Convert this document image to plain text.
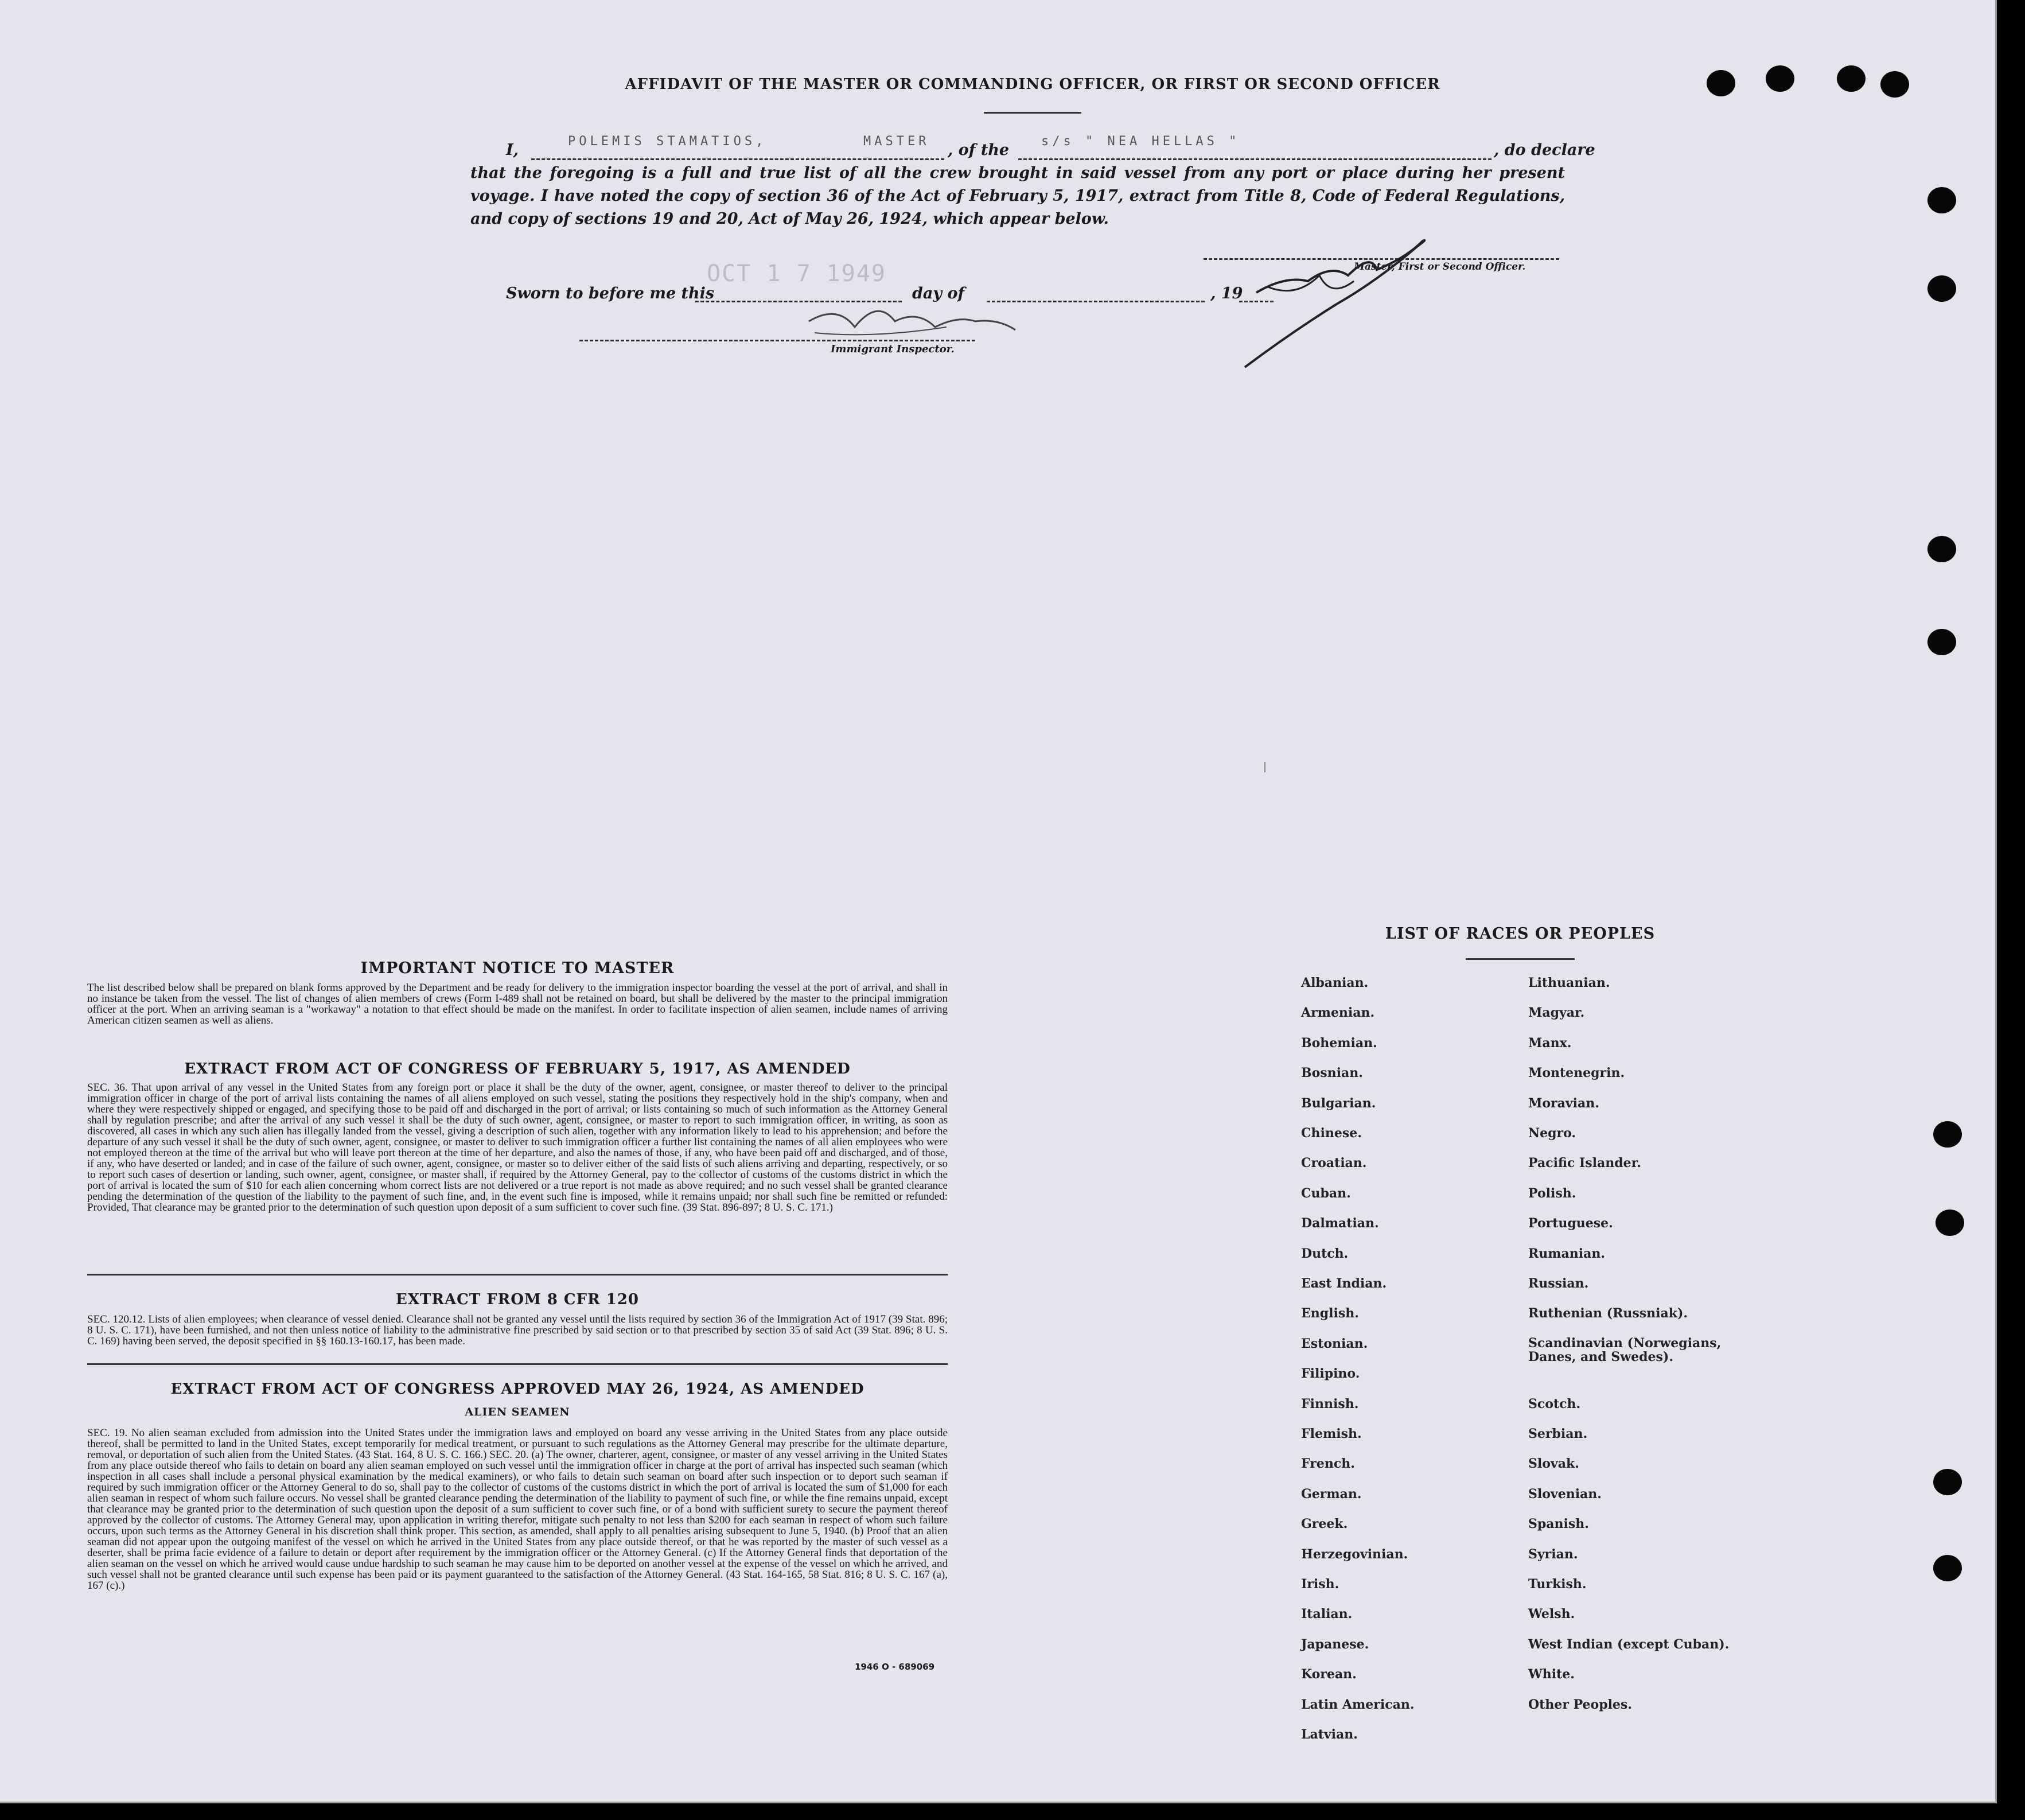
AFFIDAVIT OF THE MASTER OR COMMANDING OFFICER, OR FIRST OR SECOND OFFICER
I,	POLEMIS STAMATIOS,	MASTER , of the	s/s " NEA HELLAS "	, do declare
that the foregoing is a full and true list of all the crew brought in said vessel from any port or place during her present voyage. I have noted the copy of section 36 of the Act of February 5, 1917, extract from Title 8, Code of Federal Regulations, and copy of sections 19 and 20, Act of May 26, 1924, which appear below.
Master, First or Second Officer.
Sworn to before me this
OCT 1 7 1949
day of	, 19
Immigrant Inspector.
IMPORTANT NOTICE TO MASTER
The list described below shall be prepared on blank forms approved by the Department and be ready for delivery to the immigration inspector boarding the vessel at the port of arrival, and shall in no instance be taken from the vessel. The list of changes of alien members of crews (Form I-489 shall not be retained on board, but shall be delivered by the master to the principal immigration officer at the port. When an arriving seaman is a "workaway" a notation to that effect should be made on the manifest. In order to facilitate inspection of alien seamen, include names of arriving American citizen seamen as well as aliens.
EXTRACT FROM ACT OF CONGRESS OF FEBRUARY 5, 1917, AS AMENDED
SEC. 36. That upon arrival of any vessel in the United States from any foreign port or place it shall be the duty of the owner, agent, consignee, or master thereof to deliver to the principal immigration officer in charge of the port of arrival lists containing the names of all aliens employed on such vessel, stating the positions they respectively hold in the ship's company, when and where they were respectively shipped or engaged, and specifying those to be paid off and discharged in the port of arrival; or lists containing so much of such information as the Attorney General shall by regulation prescribe; and after the arrival of any such vessel it shall be the duty of such owner, agent, consignee, or master to report to such immigration officer, in writing, as soon as discovered, all cases in which any such alien has illegally landed from the vessel, giving a description of such alien, together with any information likely to lead to his apprehension; and before the departure of any such vessel it shall be the duty of such owner, agent, consignee, or master to deliver to such immigration officer a further list containing the names of all alien employees who were not employed thereon at the time of the arrival but who will leave port thereon at the time of her departure, and also the names of those, if any, who have been paid off and discharged, and of those, if any, who have deserted or landed; and in case of the failure of such owner, agent, consignee, or master so to deliver either of the said lists of such aliens arriving and departing, respectively, or so to report such cases of desertion or landing, such owner, agent, consignee, or master shall, if required by the Attorney General, pay to the collector of customs of the customs district in which the port of arrival is located the sum of $10 for each alien concerning whom correct lists are not delivered or a true report is not made as above required; and no such vessel shall be granted clearance pending the determination of the question of the liability to the payment of such fine, and, in the event such fine is imposed, while it remains unpaid; nor shall such fine be remitted or refunded: Provided, That clearance may be granted prior to the determination of such question upon deposit of a sum sufficient to cover such fine. (39 Stat. 896-897; 8 U. S. C. 171.)
EXTRACT FROM 8 CFR 120
SEC. 120.12. Lists of alien employees; when clearance of vessel denied. Clearance shall not be granted any vessel until the lists required by section 36 of the Immigration Act of 1917 (39 Stat. 896; 8 U. S. C. 171), have been furnished, and not then unless notice of liability to the administrative fine prescribed by said section or to that prescribed by section 35 of said Act (39 Stat. 896; 8 U. S. C. 169) having been served, the deposit specified in §§ 160.13-160.17, has been made.
EXTRACT FROM ACT OF CONGRESS APPROVED MAY 26, 1924, AS AMENDED
ALIEN SEAMEN
SEC. 19. No alien seaman excluded from admission into the United States under the immigration laws and employed on board any vesse arriving in the United States from any place outside thereof, shall be permitted to land in the United States, except temporarily for medical treatment, or pursuant to such regulations as the Attorney General may prescribe for the ultimate departure, removal, or deportation of such alien from the United States. (43 Stat. 164, 8 U. S. C. 166.) SEC. 20. (a) The owner, charterer, agent, consignee, or master of any vessel arriving in the United States from any place outside thereof who fails to detain on board any alien seaman employed on such vessel until the immigration officer in charge at the port of arrival has inspected such seaman (which inspection in all cases shall include a personal physical examination by the medical examiners), or who fails to detain such seaman on board after such inspection or to deport such seaman if required by such immigration officer or the Attorney General to do so, shall pay to the collector of customs of the customs district in which the port of arrival is located the sum of $1,000 for each alien seaman in respect of whom such failure occurs. No vessel shall be granted clearance pending the determination of the liability to payment of such fine, or while the fine remains unpaid, except that clearance may be granted prior to the determination of such question upon the deposit of a sum sufficient to cover such fine, or of a bond with sufficient surety to secure the payment thereof approved by the collector of customs. The Attorney General may, upon application in writing therefor, mitigate such penalty to not less than $200 for each seaman in respect of whom such failure occurs, upon such terms as the Attorney General in his discretion shall think proper. This section, as amended, shall apply to all penalties arising subsequent to June 5, 1940. (b) Proof that an alien seaman did not appear upon the outgoing manifest of the vessel on which he arrived in the United States from any place outside thereof, or that he was reported by the master of such vessel as a deserter, shall be prima facie evidence of a failure to detain or deport after requirement by the immigration officer or the Attorney General. (c) If the Attorney General finds that deportation of the alien seaman on the vessel on which he arrived would cause undue hardship to such seaman he may cause him to be deported on another vessel at the expense of the vessel on which he arrived, and such vessel shall not be granted clearance until such expense has been paid or its payment guaranteed to the satisfaction of the Attorney General. (43 Stat. 164-165, 58 Stat. 816; 8 U. S. C. 167 (a), 167 (c).)
1946 O - 689069
LIST OF RACES OR PEOPLES
Albanian.
Armenian.
Bohemian.
Bosnian.
Bulgarian.
Chinese.
Croatian.
Cuban.
Dalmatian.
Dutch.
East Indian.
English.
Estonian.
Filipino.
Finnish.
Flemish.
French.
German.
Greek.
Herzegovinian.
Irish.
Italian.
Japanese.
Korean.
Latin American.
Latvian.
Lithuanian.
Magyar.
Manx.
Montenegrin.
Moravian.
Negro.
Pacific Islander.
Polish.
Portuguese.
Rumanian.
Russian.
Ruthenian (Russniak).
Scandinavian (Norwegians, Danes, and Swedes).
Scotch.
Serbian.
Slovak.
Slovenian.
Spanish.
Syrian.
Turkish.
Welsh.
West Indian (except Cuban).
White.
Other Peoples.
